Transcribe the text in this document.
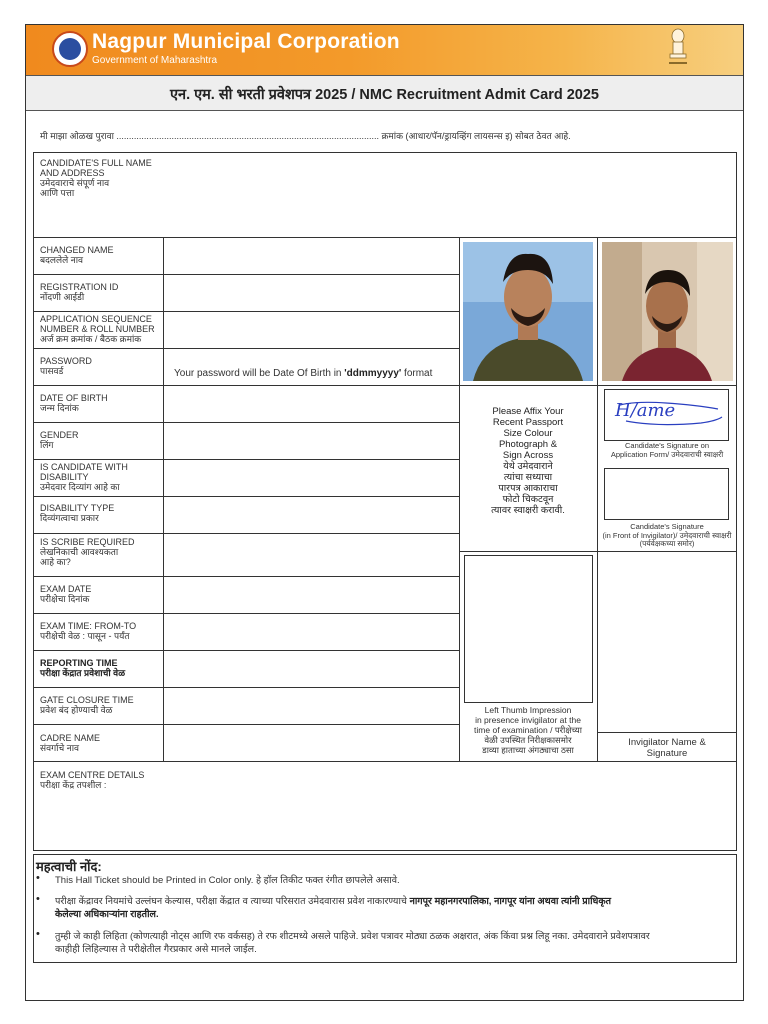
Nagpur Municipal Corporation
Government of Maharashtra
एन. एम. सी भरती प्रवेशपत्र 2025 / NMC Recruitment Admit Card 2025
मी माझा ओळख पुरावा ......................................................................................................... क्रमांक (आधार/पॅन/ड्रायव्हिंग लायसन्स इ) सोबत ठेवत आहे.
CANDIDATE'S FULL NAME AND ADDRESS
उमेदवाराचे संपूर्ण नाव
आणि पत्ता
CHANGED NAME
बदललेले नाव
REGISTRATION ID
नोंदणी आईडी
APPLICATION SEQUENCE NUMBER & ROLL NUMBER
अर्ज क्रम क्रमांक / बैठक क्रमांक
PASSWORD
पासवर्ड	Your password will be Date Of Birth in 'ddmmyyyy' format
DATE OF BIRTH
जन्म दिनांक
GENDER
लिंग
IS CANDIDATE WITH DISABILITY
उमेदवार दिव्यांग आहे का
DISABILITY TYPE
दिव्यंगत्वाचा प्रकार
IS SCRIBE REQUIRED
लेखनिकाची आवश्यकता
आहे का?
EXAM DATE
परीक्षेचा दिनांक
EXAM TIME: FROM-TO
परीक्षेची वेळ : पासून - पर्यंत
REPORTING TIME
परीक्षा केंद्रात प्रवेशाची वेळ
GATE CLOSURE TIME
प्रवेश बंद होण्याची वेळ
CADRE NAME
संवर्गाचे नाव
EXAM CENTRE DETAILS
परीक्षा केंद्र तपशील :
Please Affix Your
Recent Passport
Size Colour
Photograph &
Sign Across
येथे उमेदवाराने
त्यांचा सध्याचा
पारपत्र आकाराचा
फोटो चिकटवून
त्यावर स्वाक्षरी करावी.
H/ame
Candidate's Signature on
Application Form/ उमेदवाराची स्वाक्षरी
Candidate's Signature
(in Front of Invigilator)/ उमेदवाराची स्वाक्षरी
(पर्यवेक्षकच्या समोर)
Left Thumb Impression
in presence invigilator at the
time of examination / परीक्षेच्या
वेळी उपस्थित निरीक्षकासमोर
डाव्या हाताच्या अंगठ्याचा ठसा
Invigilator Name &
Signature
महत्वाची नोंद:
• This Hall Ticket should be Printed in Color only. हे हॉल तिकीट फक्त रंगीत छापलेले असावे.
• परीक्षा केंद्रावर नियमांचे उल्लंघन केल्यास, परीक्षा केंद्रात व त्याच्या परिसरात उमेदवारास प्रवेश नाकारण्याचे नागपूर महानगरपालिका, नागपूर यांना अथवा त्यांनी प्राधिकृत
केलेल्या अधिकाऱ्यांना राहतील.
• तुम्ही जे काही लिहिता (कोणत्याही नोट्स आणि रफ वर्कसह) ते रफ शीटमध्ये असले पाहिजे. प्रवेश पत्रावर मोठ्या ठळक अक्षरात, अंक किंवा प्रश्न लिहू नका. उमेदवाराने प्रवेशपत्रावर
काहीही लिहिल्यास ते परीक्षेतील गैरप्रकार असे मानले जाईल.
